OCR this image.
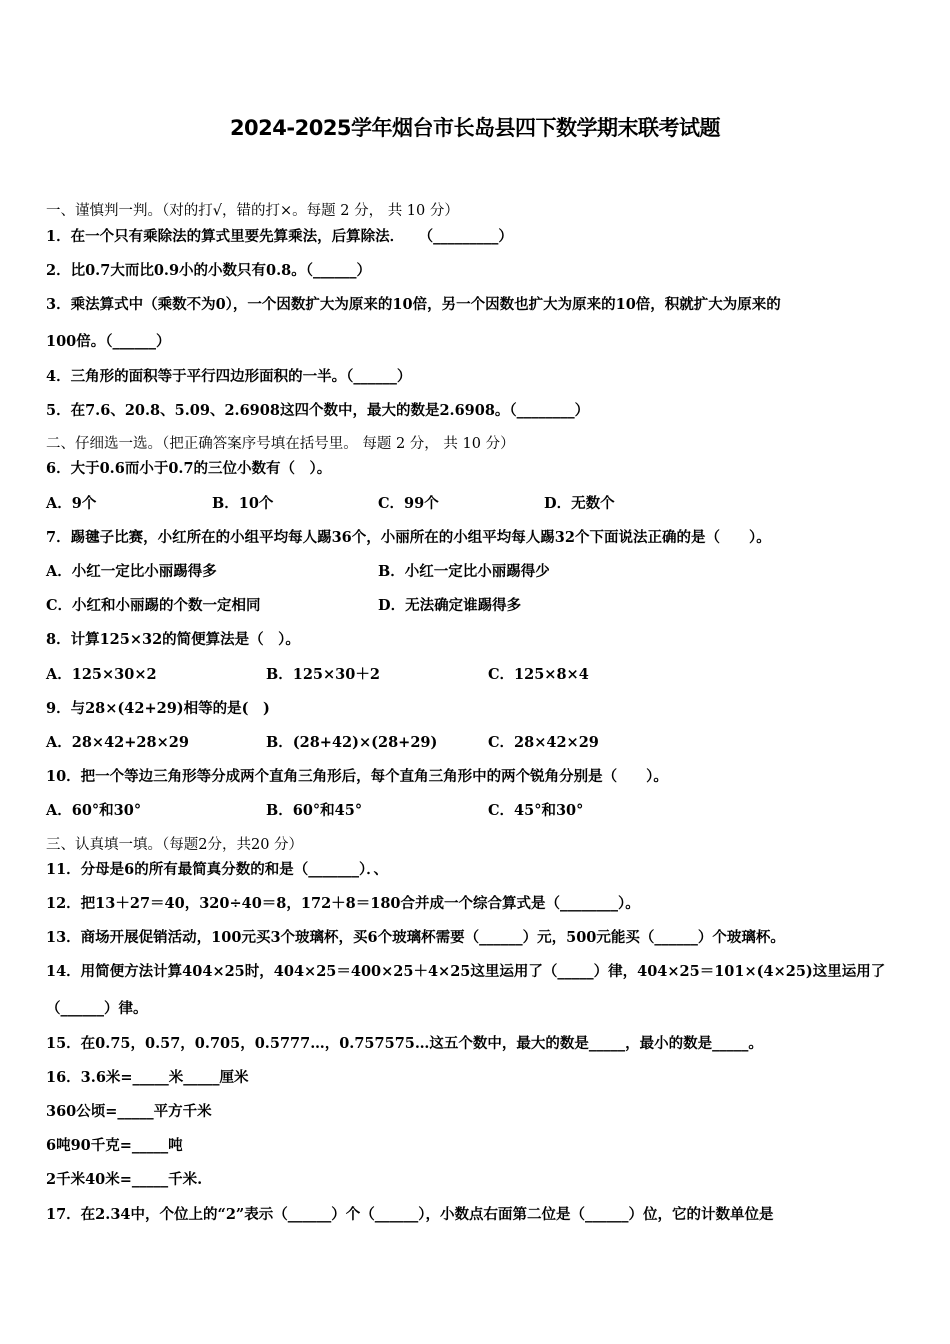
2024-2025学年烟台市长岛县四下数学期末联考试题
一、谨慎判一判。（对的打√，错的打×。每题 2 分， 共 10 分）
1．在一个只有乘除法的算式里要先算乘法，后算除法．　　（_________）
2．比0.7大而比0.9小的小数只有0.8。（______）
3．乘法算式中（乘数不为0），一个因数扩大为原来的10倍，另一个因数也扩大为原来的10倍，积就扩大为原来的
100倍。（______）
4．三角形的面积等于平行四边形面积的一半。（______）
5．在7.6、20.8、5.09、2.6908这四个数中，最大的数是2.6908。（________）
二、仔细选一选。（把正确答案序号填在括号里。 每题 2 分， 共 10 分）
6．大于0.6而小于0.7的三位小数有（　）。
A．9个	B．10个	C．99个	D．无数个
7．踢毽子比赛，小红所在的小组平均每人踢36个，小丽所在的小组平均每人踢32个下面说法正确的是（　　）。
A．小红一定比小丽踢得多	B．小红一定比小丽踢得少
C．小红和小丽踢的个数一定相同	D．无法确定谁踢得多
8．计算125×32的简便算法是（　）。
A．125×30×2	B．125×30＋2	C．125×8×4
9．与28×(42+29)相等的是(　)
A．28×42+28×29	B．(28+42)×(28+29)	C．28×42×29
10．把一个等边三角形等分成两个直角三角形后，每个直角三角形中的两个锐角分别是（　　）。
A．60°和30°	B．60°和45°	C．45°和30°
三、认真填一填。（每题2分，共20 分）
11．分母是6的所有最简真分数的和是（_______）．、
12．把13＋27＝40，320÷40＝8，172＋8＝180合并成一个综合算式是（________）。
13．商场开展促销活动，100元买3个玻璃杯，买6个玻璃杯需要（______）元，500元能买（______）个玻璃杯。
14．用简便方法计算404×25时，404×25＝400×25＋4×25这里运用了（_____）律，404×25＝101×(4×25)这里运用了
（______）律。
15．在0.75，0.57，0.705，0.5777…，0.757575…这五个数中，最大的数是_____，最小的数是_____。
16．3.6米=_____米_____厘米
360公顷=_____平方千米
6吨90千克=_____吨
2千米40米=_____千米.
17．在2.34中，个位上的“2”表示（______）个（______），小数点右面第二位是（______）位，它的计数单位是
